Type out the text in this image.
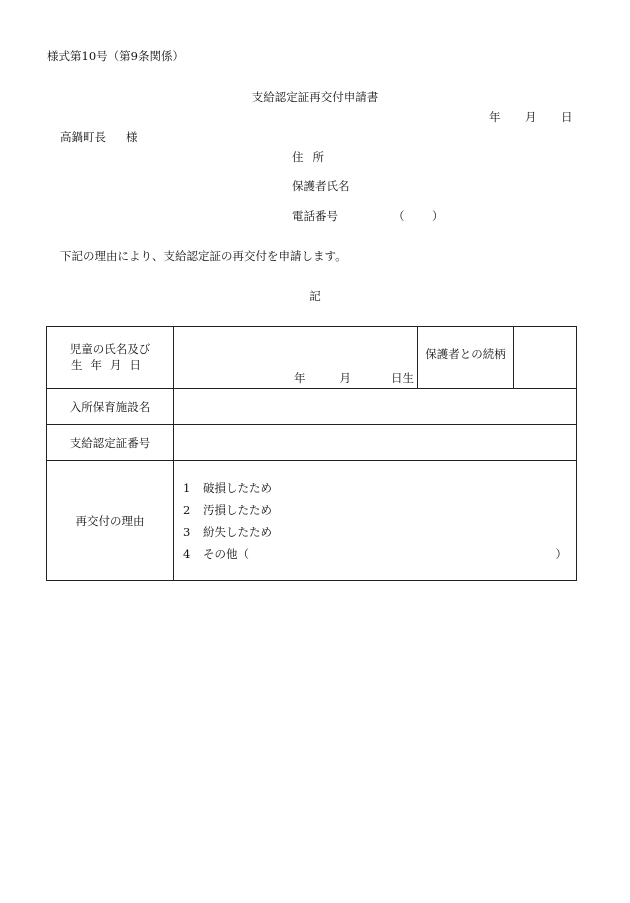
様式第10号（第9条関係）
支給認定証再交付申請書
年 月 日
高鍋町長 様
住所
保護者氏名
電話番号	（ ）
下記の理由により、支給認定証の再交付を申請します。
記
児童の氏名及び
生年月日	年 月 日生	保護者との続柄	

入所保育施設名			
支給認定証番号			
再交付の理由	1 破損したため
2 汚損したため
3 紛失したため
4 その他（ ）		
